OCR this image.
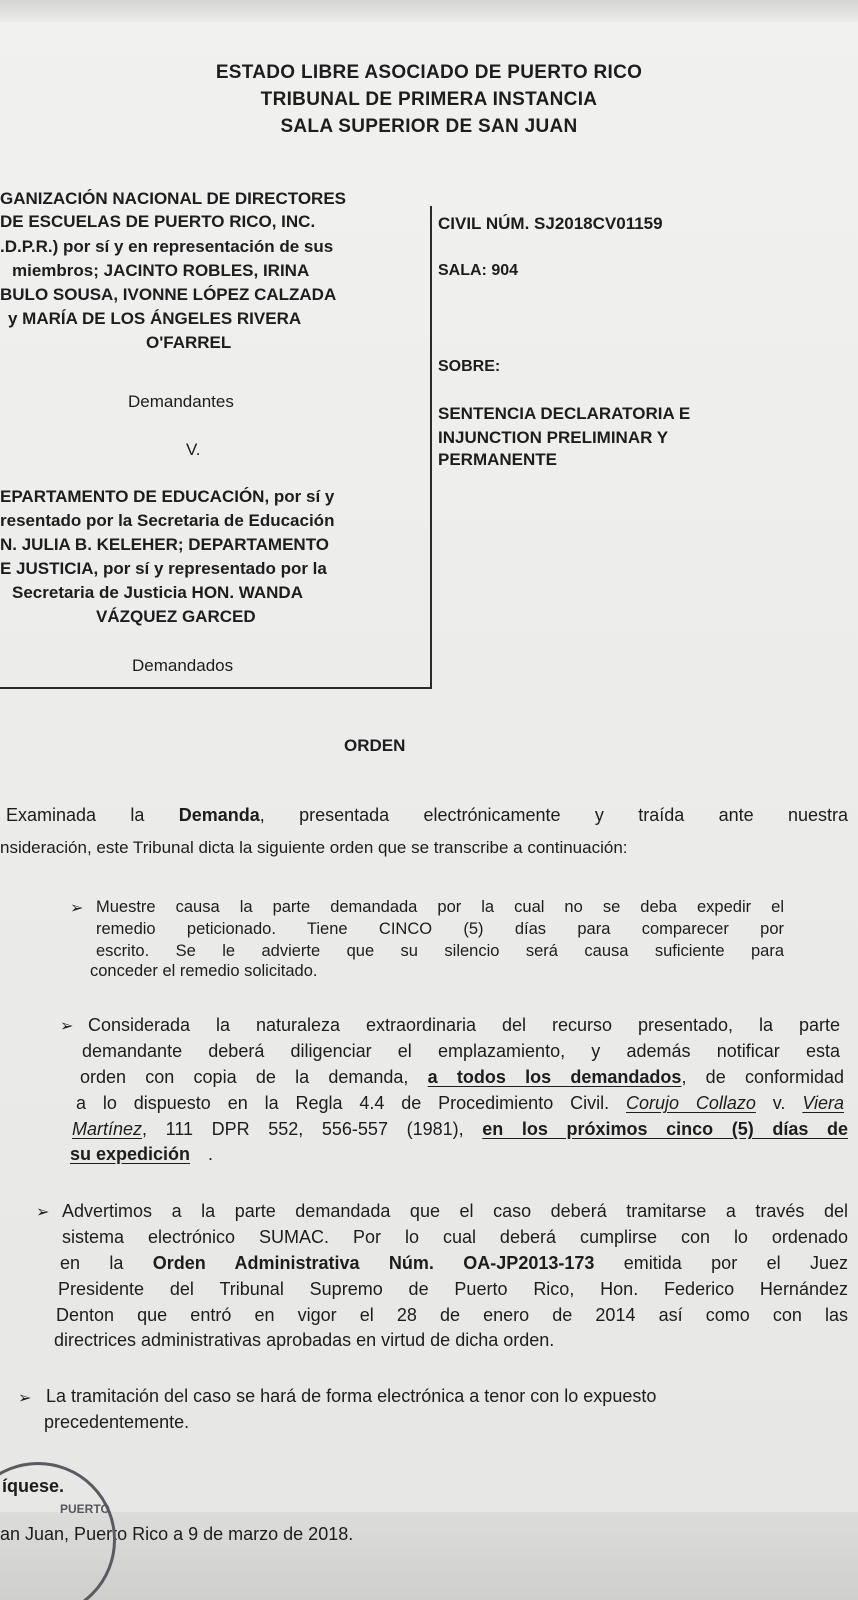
ESTADO LIBRE ASOCIADO DE PUERTO RICO
TRIBUNAL DE PRIMERA INSTANCIA
SALA SUPERIOR DE SAN JUAN
GANIZACIÓN NACIONAL DE DIRECTORES
DE ESCUELAS DE PUERTO RICO, INC.
.D.P.R.) por sí y en representación de sus
miembros; JACINTO ROBLES, IRINA
BULO SOUSA, IVONNE LÓPEZ CALZADA
y MARÍA DE LOS ÁNGELES RIVERA
O'FARREL
Demandantes
V.
EPARTAMENTO DE EDUCACIÓN, por sí y
resentado por la Secretaria de Educación
N. JULIA B. KELEHER; DEPARTAMENTO
E JUSTICIA, por sí y representado por la
Secretaria de Justicia HON. WANDA
VÁZQUEZ GARCED
Demandados
CIVIL NÚM. SJ2018CV01159
SALA: 904
SOBRE:
SENTENCIA DECLARATORIA E
INJUNCTION PRELIMINAR Y
PERMANENTE
ORDEN
Examinada la Demanda, presentada electrónicamente y traída ante nuestra
nsideración, este Tribunal dicta la siguiente orden que se transcribe a continuación:
➢ Muestre causa la parte demandada por la cual no se deba expedir el
remedio peticionado. Tiene CINCO (5) días para comparecer por
escrito. Se le advierte que su silencio será causa suficiente para
conceder el remedio solicitado.
➢ Considerada la naturaleza extraordinaria del recurso presentado, la parte
demandante deberá diligenciar el emplazamiento, y además notificar esta
orden con copia de la demanda, a todos los demandados, de conformidad
a lo dispuesto en la Regla 4.4 de Procedimiento Civil. Corujo Collazo v. Viera
Martínez, 111 DPR 552, 556-557 (1981), en los próximos cinco (5) días de
su expedición .
➢ Advertimos a la parte demandada que el caso deberá tramitarse a través del
sistema electrónico SUMAC. Por lo cual deberá cumplirse con lo ordenado
en la Orden Administrativa Núm. OA-JP2013-173 emitida por el Juez
Presidente del Tribunal Supremo de Puerto Rico, Hon. Federico Hernández
Denton que entró en vigor el 28 de enero de 2014 así como con las
directrices administrativas aprobadas en virtud de dicha orden.
➢ La tramitación del caso se hará de forma electrónica a tenor con lo expuesto
precedentemente.
íquese.
an Juan, Puerto Rico a 9 de marzo de 2018.
PUERTO
